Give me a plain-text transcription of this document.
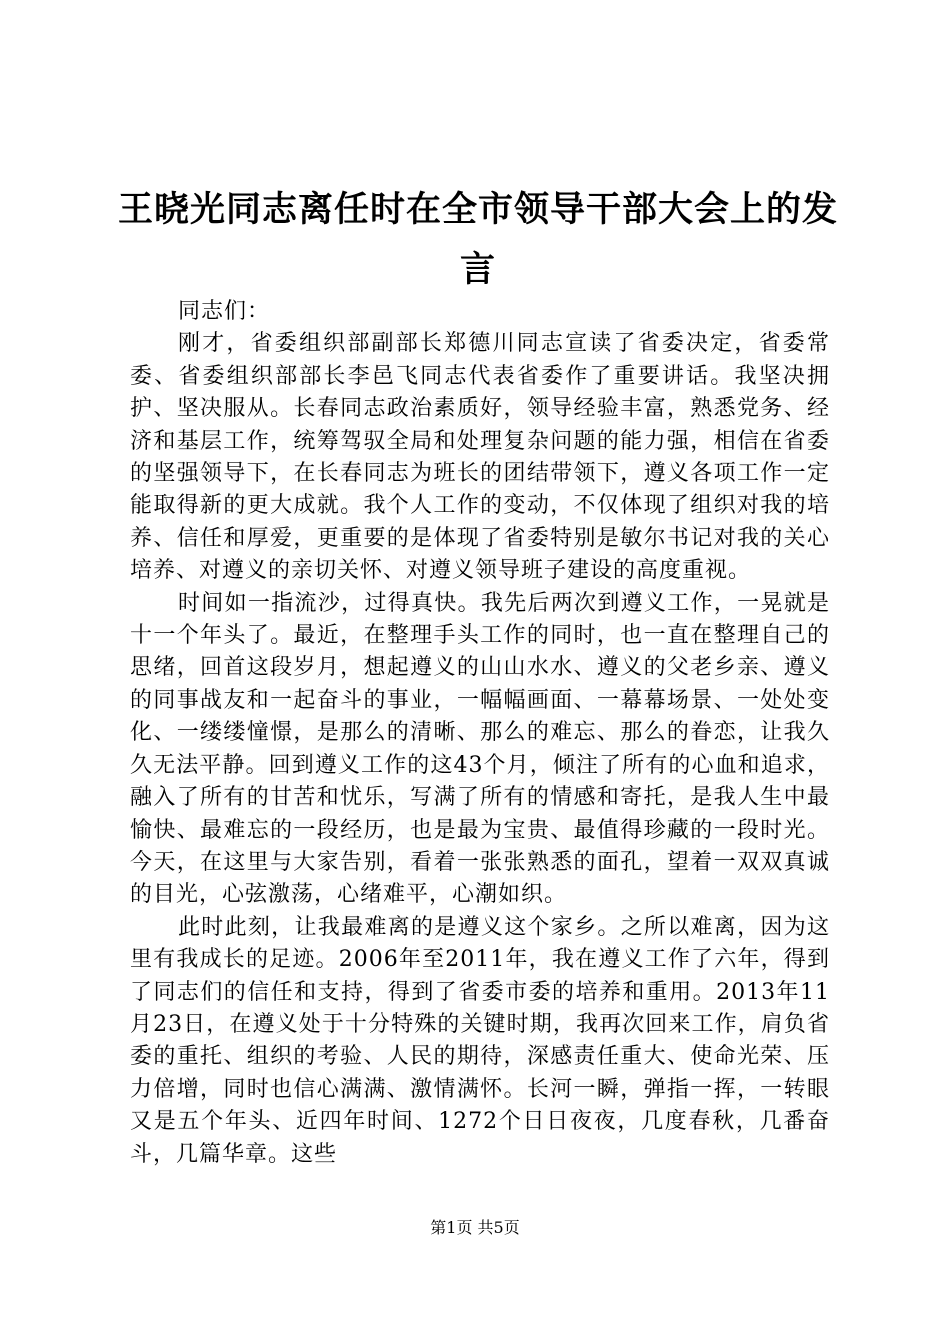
王晓光同志离任时在全市领导干部大会上的发言

同志们：

刚才，省委组织部副部长郑德川同志宣读了省委决定，省委常委、省委组织部部长李邑飞同志代表省委作了重要讲话。我坚决拥护、坚决服从。长春同志政治素质好，领导经验丰富，熟悉党务、经济和基层工作，统筹驾驭全局和处理复杂问题的能力强，相信在省委的坚强领导下，在长春同志为班长的团结带领下，遵义各项工作一定能取得新的更大成就。我个人工作的变动，不仅体现了组织对我的培养、信任和厚爱，更重要的是体现了省委特别是敏尔书记对我的关心培养、对遵义的亲切关怀、对遵义领导班子建设的高度重视。

时间如一指流沙，过得真快。我先后两次到遵义工作，一晃就是十一个年头了。最近，在整理手头工作的同时，也一直在整理自己的思绪，回首这段岁月，想起遵义的山山水水、遵义的父老乡亲、遵义的同事战友和一起奋斗的事业，一幅幅画面、一幕幕场景、一处处变化、一缕缕憧憬，是那么的清晰、那么的难忘、那么的眷恋，让我久久无法平静。回到遵义工作的这43个月，倾注了所有的心血和追求，融入了所有的甘苦和忧乐，写满了所有的情感和寄托，是我人生中最愉快、最难忘的一段经历，也是最为宝贵、最值得珍藏的一段时光。今天，在这里与大家告别，看着一张张熟悉的面孔，望着一双双真诚的目光，心弦激荡，心绪难平，心潮如织。

此时此刻，让我最难离的是遵义这个家乡。之所以难离，因为这里有我成长的足迹。2006年至2011年，我在遵义工作了六年，得到了同志们的信任和支持，得到了省委市委的培养和重用。2013年11月23日，在遵义处于十分特殊的关键时期，我再次回来工作，肩负省委的重托、组织的考验、人民的期待，深感责任重大、使命光荣、压力倍增，同时也信心满满、激情满怀。长河一瞬，弹指一挥，一转眼又是五个年头、近四年时间、1272个日日夜夜，几度春秋，几番奋斗，几篇华章。这些

第1页 共5页
